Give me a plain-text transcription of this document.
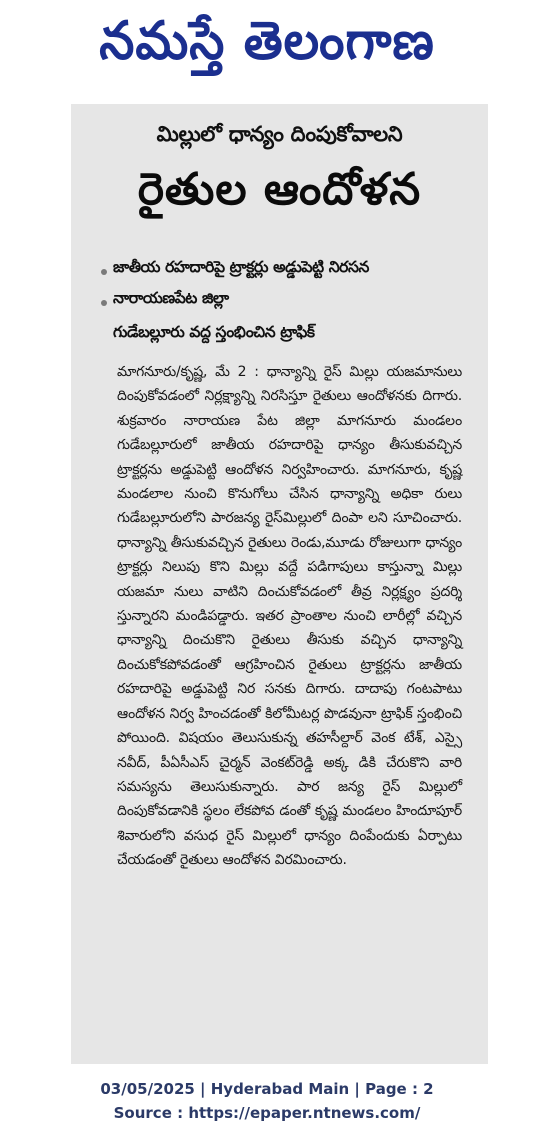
నమస్తే తెలంగాణ
మిల్లులో ధాన్యం దింపుకోవాలని
రైతుల ఆందోళన
జాతీయ రహదారిపై ట్రాక్టర్లు అడ్డుపెట్టి నిరసన
నారాయణపేట జిల్లా
గుడేబల్లూరు వద్ద స్తంభించిన ట్రాఫిక్
మాగనూరు/కృష్ణ, మే 2 : ధాన్యాన్ని రైస్ మిల్లు యజమానులు దింపుకోవడంలో నిర్లక్ష్యాన్ని నిరసిస్తూ రైతులు ఆందోళనకు దిగారు. శుక్రవారం నారాయణ పేట జిల్లా మాగనూరు మండలం గుడేబల్లూరులో జాతీయ రహదారిపై ధాన్యం తీసుకువచ్చిన ట్రాక్టర్లను అడ్డుపెట్టి ఆందోళన నిర్వహించారు. మాగనూరు, కృష్ణ మండలాల నుంచి కొనుగోలు చేసిన ధాన్యాన్ని అధికా రులు గుడేబల్లూరులోని పారజన్య రైస్‌మిల్లులో దింపా లని సూచించారు. ధాన్యాన్ని తీసుకువచ్చిన రైతులు రెండు,మూడు రోజులుగా ధాన్యం ట్రాక్టర్లు నిలుపు కొని మిల్లు వద్దే పడిగాపులు కాస్తున్నా మిల్లు యజమా నులు వాటిని దించుకోవడంలో తీవ్ర నిర్లక్ష్యం ప్రదర్శి స్తున్నారని మండిపడ్డారు. ఇతర ప్రాంతాల నుంచి లారీల్లో వచ్చిన ధాన్యాన్ని దించుకొని రైతులు తీసుకు వచ్చిన ధాన్యాన్ని దించుకోకపోవడంతో ఆగ్రహించిన రైతులు ట్రాక్టర్లను జాతీయ రహదారిపై అడ్డుపెట్టి నిర సనకు దిగారు. దాదాపు గంటపాటు ఆందోళన నిర్వ హించడంతో కిలోమీటర్ల పొడవునా ట్రాఫిక్ స్తంభించి పోయింది. విషయం తెలుసుకున్న తహసీల్దార్ వెంక టేశ్, ఎస్సై నవీద్, పీఏసీఎస్ చైర్మన్ వెంకట్‌రెడ్డి అక్క డికి చేరుకొని వారి సమస్యను తెలుసుకున్నారు. పార జన్య రైస్ మిల్లులో దింపుకోవడానికి స్థలం లేకపోవ డంతో కృష్ణ మండలం హిందూపూర్ శివారులోని వసుధ రైస్ మిల్లులో ధాన్యం దింపేందుకు ఏర్పాటు చేయడంతో రైతులు ఆందోళన విరమించారు.
03/05/2025 | Hyderabad Main | Page : 2
Source : https://epaper.ntnews.com/
